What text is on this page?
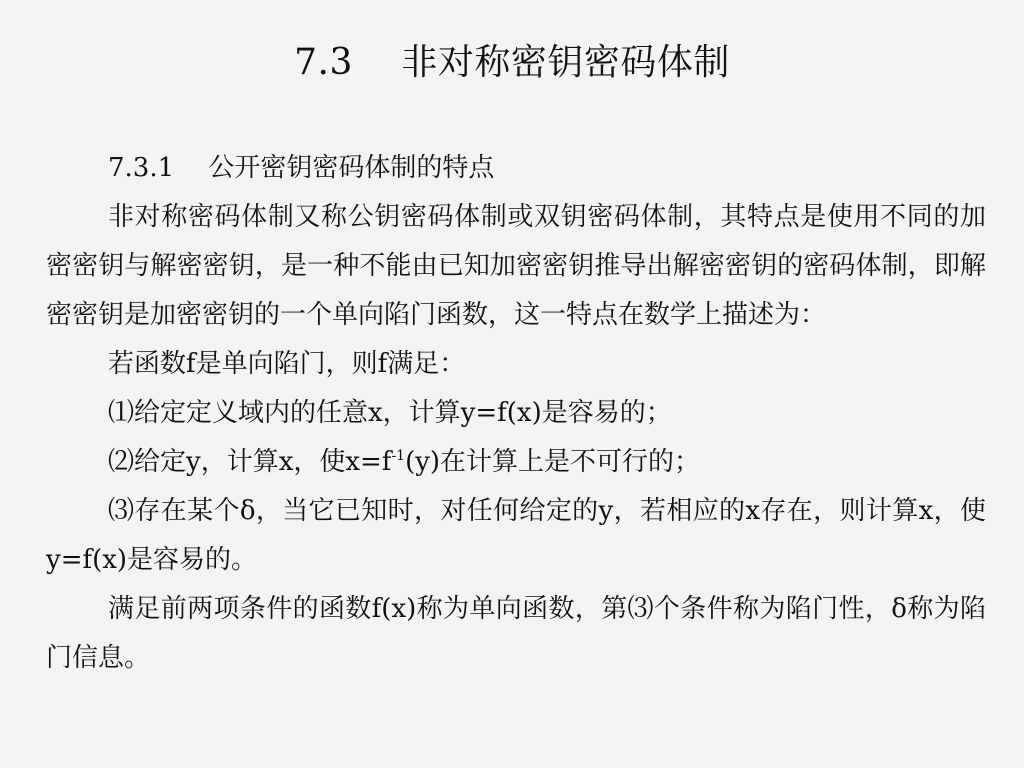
7.3　 非对称密钥密码体制
7.3.1　 公开密钥密码体制的特点

非对称密码体制又称公钥密码体制或双钥密码体制，其特点是使用不同的加密密钥与解密密钥，是一种不能由已知加密密钥推导出解密密钥的密码体制，即解密密钥是加密密钥的一个单向陷门函数，这一特点在数学上描述为：

若函数f是单向陷门，则f满足：

⑴给定定义域内的任意x，计算y=f(x)是容易的；

⑵给定y，计算x，使$x=f^{-1}(y)$在计算上是不可行的；

⑶存在某个δ，当它已知时，对任何给定的y，若相应的x存在，则计算x，使y=f(x)是容易的。

满足前两项条件的函数f(x)称为单向函数，第⑶个条件称为陷门性，δ称为陷门信息。
